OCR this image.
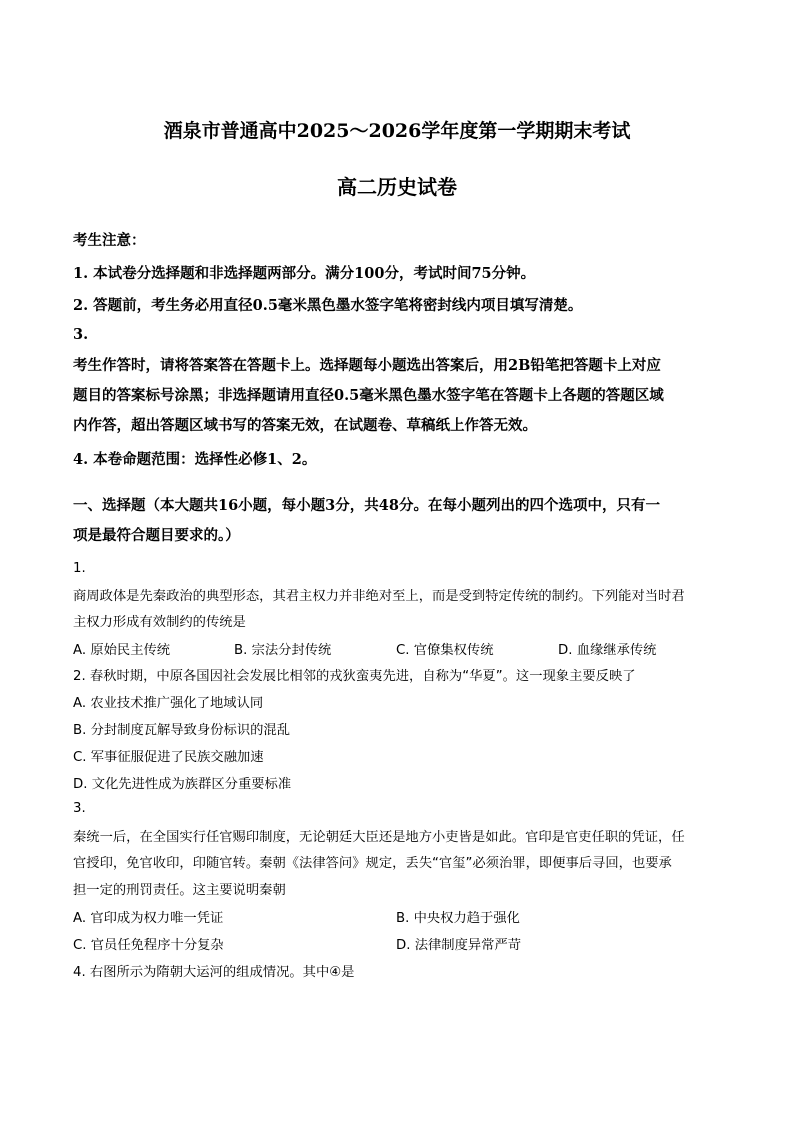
酒泉市普通高中2025～2026学年度第一学期期末考试
高二历史试卷
考生注意：
1. 本试卷分选择题和非选择题两部分。满分100分，考试时间75分钟。
2. 答题前，考生务必用直径0.5毫米黑色墨水签字笔将密封线内项目填写清楚。
3.
考生作答时，请将答案答在答题卡上。选择题每小题选出答案后，用2B铅笔把答题卡上对应
题目的答案标号涂黑；非选择题请用直径0.5毫米黑色墨水签字笔在答题卡上各题的答题区域
内作答，超出答题区域书写的答案无效，在试题卷、草稿纸上作答无效。
4. 本卷命题范围：选择性必修1、2。
一、选择题（本大题共16小题，每小题3分，共48分。在每小题列出的四个选项中，只有一
项是最符合题目要求的。）
1.
商周政体是先秦政治的典型形态，其君主权力并非绝对至上，而是受到特定传统的制约。下列能对当时君
主权力形成有效制约的传统是
A. 原始民主传统	B. 宗法分封传统	C. 官僚集权传统	D. 血缘继承传统
2. 春秋时期，中原各国因社会发展比相邻的戎狄蛮夷先进，自称为“华夏”。这一现象主要反映了
A. 农业技术推广强化了地域认同
B. 分封制度瓦解导致身份标识的混乱
C. 军事征服促进了民族交融加速
D. 文化先进性成为族群区分重要标准
3.
秦统一后，在全国实行任官赐印制度，无论朝廷大臣还是地方小吏皆是如此。官印是官吏任职的凭证，任
官授印，免官收印，印随官转。秦朝《法律答问》规定，丢失“官玺”必须治罪，即便事后寻回，也要承
担一定的刑罚责任。这主要说明秦朝
A. 官印成为权力唯一凭证	B. 中央权力趋于强化
C. 官员任免程序十分复杂	D. 法律制度异常严苛
4. 右图所示为隋朝大运河的组成情况。其中④是
